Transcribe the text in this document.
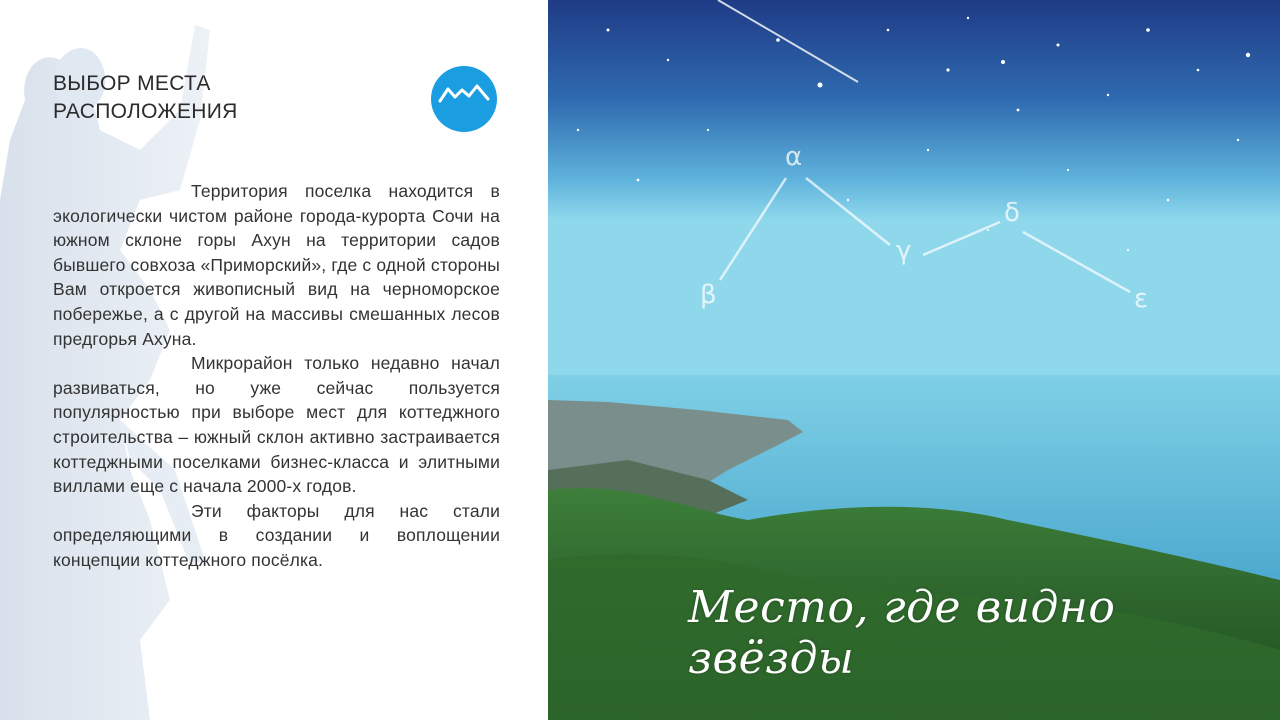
ВЫБОР МЕСТА РАСПОЛОЖЕНИЯ

Территория поселка находится в экологически чистом районе города-курорта Сочи на южном склоне горы Ахун на территории садов бывшего совхоза «Приморский», где с одной стороны Вам откроется живописный вид на черноморское побережье, а с другой на массивы смешанных лесов предгорья Ахуна.

Микрорайон только недавно начал развиваться, но уже сейчас пользуется популярностью при выборе мест для коттеджного строительства – южный склон активно застраивается коттеджными поселками бизнес-класса и элитными виллами еще с начала 2000-х годов.

Эти факторы для нас стали определяющими в создании и воплощении концепции коттеджного посёлка.

α
β
γ
δ
ε
Место, где видно звёзды
